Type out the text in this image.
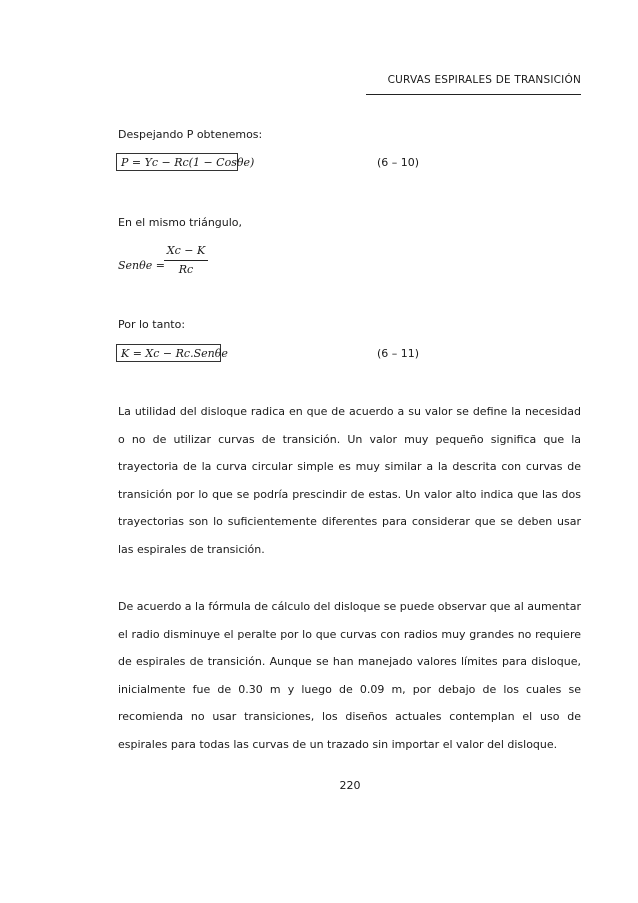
CURVAS ESPIRALES DE TRANSICIÓN
Despejando P obtenemos:
P = Yc − Rc(1 − Cosθe)	(6 – 10)
En el mismo triángulo,
Senθe =
Xc − K
Rc
Por lo tanto:
K = Xc − Rc.Senθe	(6 – 11)
La utilidad del disloque radica en que de acuerdo a su valor se define la necesidad o no de utilizar curvas de transición. Un valor muy pequeño significa que la trayectoria de la curva circular simple es muy similar a la descrita con curvas de transición por lo que se podría prescindir de estas. Un valor alto indica que las dos trayectorias son lo suficientemente diferentes para considerar que se deben usar las espirales de transición.
De acuerdo a la fórmula de cálculo del disloque se puede observar que al aumentar el radio disminuye el peralte por lo que curvas con radios muy grandes no requiere de espirales de transición. Aunque se han manejado valores límites para disloque, inicialmente fue de 0.30 m y luego de 0.09 m, por debajo de los cuales se recomienda no usar transiciones, los diseños actuales contemplan el uso de espirales para todas las curvas de un trazado sin importar el valor del disloque.
220
